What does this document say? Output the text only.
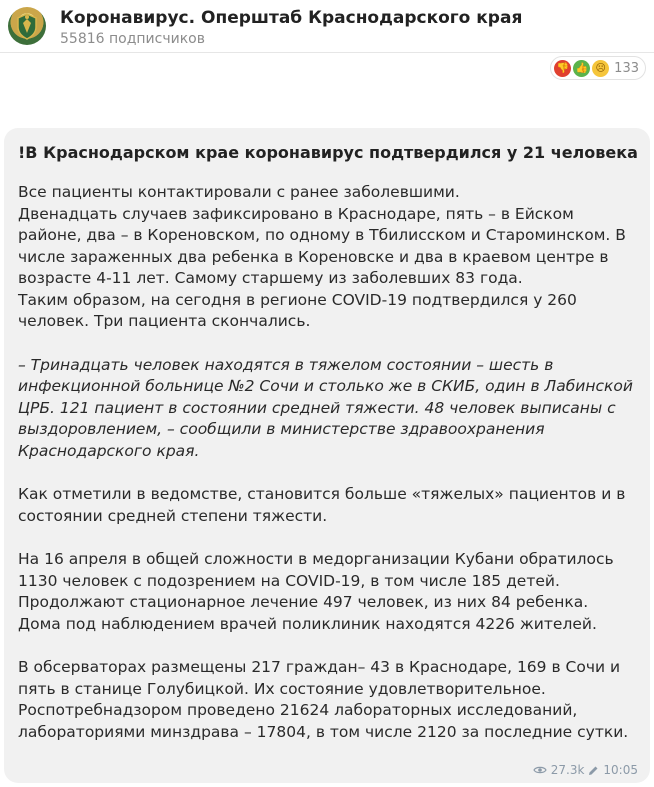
Коронавирус. Оперштаб Краснодарского края
55816 подписчиков
👎 👍 ☹ 133
!В Краснодарском крае коронавирус подтвердился у 21 человека

Все пациенты контактировали с ранее заболевшими.

Двенадцать случаев зафиксировано в Краснодаре, пять – в Ейском районе, два – в Кореновском, по одному в Тбилисском и Староминском. В числе зараженных два ребенка в Кореновске и два в краевом центре в возрасте 4-11 лет. Самому старшему из заболевших 83 года.

Таким образом, на сегодня в регионе COVID-19 подтвердился у 260 человек. Три пациента скончались.

– Тринадцать человек находятся в тяжелом состоянии – шесть в инфекционной больнице №2 Сочи и столько же в СКИБ, один в Лабинской ЦРБ. 121 пациент в состоянии средней тяжести. 48 человек выписаны с выздоровлением, – сообщили в министерстве здравоохранения Краснодарского края.

Как отметили в ведомстве, становится больше «тяжелых» пациентов и в состоянии средней степени тяжести.

На 16 апреля в общей сложности в медорганизации Кубани обратилось 1130 человек с подозрением на COVID-19, в том числе 185 детей.

Продолжают стационарное лечение 497 человек, из них 84 ребенка.

Дома под наблюдением врачей поликлиник находятся 4226 жителей.

В обсерваторах размещены 217 граждан– 43 в Краснодаре, 169 в Сочи и пять в станице Голубицкой. Их состояние удовлетворительное.

Роспотребнадзором проведено 21624 лабораторных исследований, лабораториями минздрава – 17804, в том числе 2120 за последние сутки.

27.3k 10:05
